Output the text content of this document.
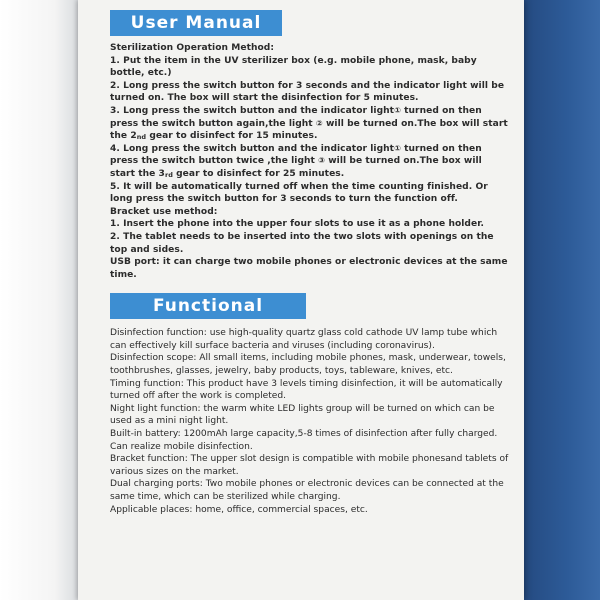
User Manual

Sterilization Operation Method:

1. Put the item in the UV sterilizer box (e.g. mobile phone, mask, baby bottle, etc.)

2. Long press the switch button for 3 seconds and the indicator light will be turned on. The box will start the disinfection for 5 minutes.

3. Long press the switch button and the indicator light① turned on then press the switch button again,the light ② will be turned on.The box will start the $2_{nd}$ gear to disinfect for 15 minutes.

4. Long press the switch button and the indicator light① turned on then press the switch button twice ,the light ③ will be turned on.The box will start the $3_{rd}$ gear to disinfect for 25 minutes.

5. It will be automatically turned off when the time counting finished. Or long press the switch button for 3 seconds to turn the function off.

Bracket use method:

1. Insert the phone into the upper four slots to use it as a phone holder.

2. The tablet needs to be inserted into the two slots with openings on the top and sides.

USB port: it can charge two mobile phones or electronic devices at the same time.

Functional

Disinfection function: use high-quality quartz glass cold cathode UV lamp tube which can effectively kill surface bacteria and viruses (including coronavirus).

Disinfection scope: All small items, including mobile phones, mask, underwear, towels, toothbrushes, glasses, jewelry, baby products, toys, tableware, knives, etc.

Timing function: This product have 3 levels timing disinfection, it will be automatically turned off after the work is completed.

Night light function: the warm white LED lights group will be turned on which can be used as a mini night light.

Built-in battery: 1200mAh large capacity,5-8 times of disinfection after fully charged. Can realize mobile disinfection.

Bracket function: The upper slot design is compatible with mobile phonesand tablets of various sizes on the market.

Dual charging ports: Two mobile phones or electronic devices can be connected at the same time, which can be sterilized while charging.

Applicable places: home, office, commercial spaces, etc.
